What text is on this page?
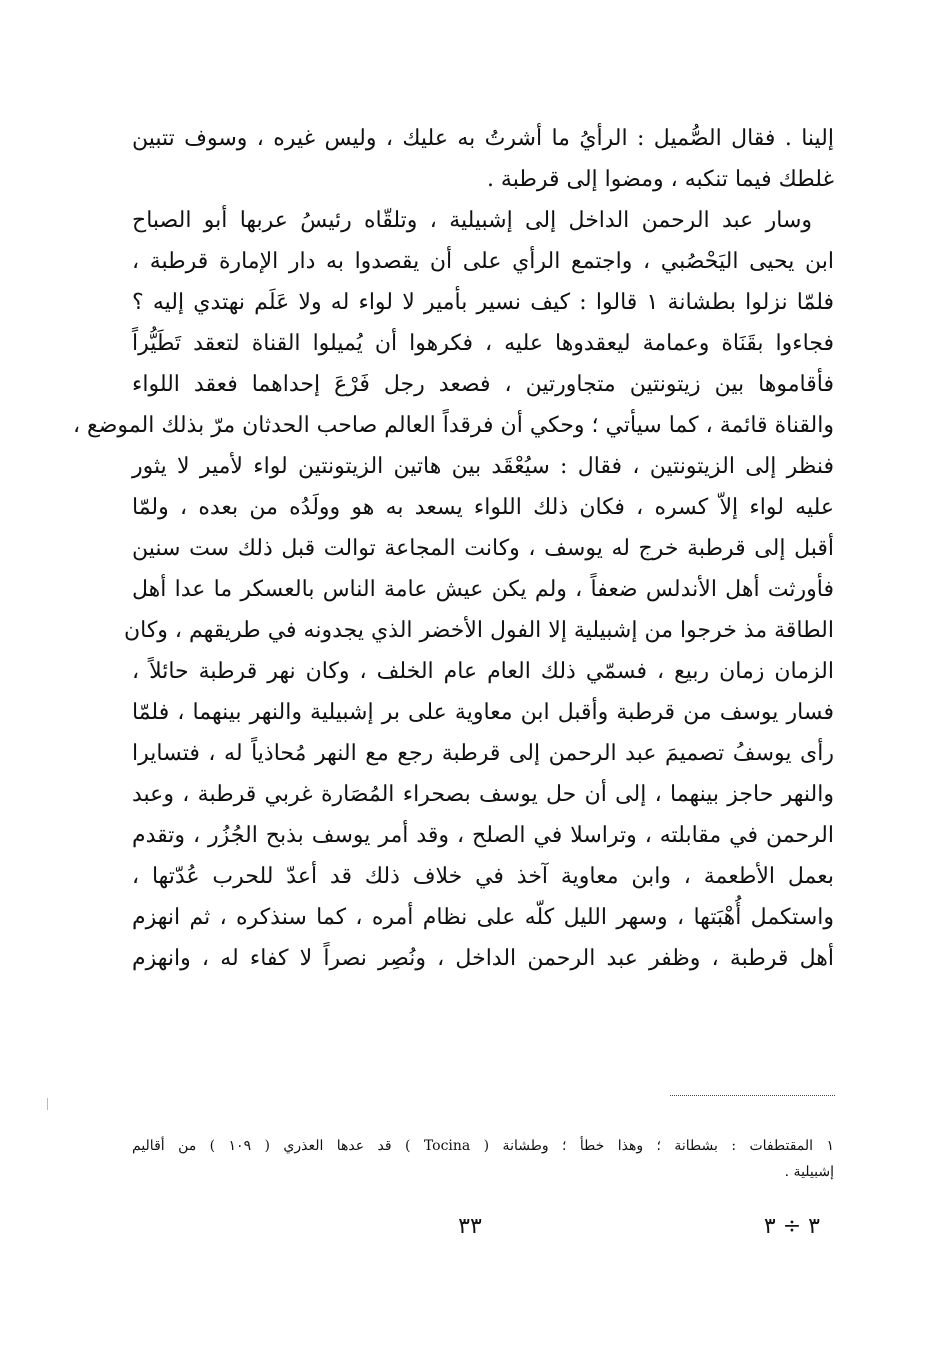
إلينا . فقال الصُّميل : الرأيُ ما أشرتُ به عليك ، وليس غيره ، وسوف تتبين
غلطك فيما تنكبه ، ومضوا إلى قرطبة .
وسار عبد الرحمن الداخل إلى إشبيلية ، وتلقّاه رئيسُ عربها أبو الصباح
ابن يحيى اليَحْصُبي ، واجتمع الرأي على أن يقصدوا به دار الإمارة قرطبة ،
فلمّا نزلوا بطشانة ١ قالوا : كيف نسير بأمير لا لواء له ولا عَلَم نهتدي إليه ؟
فجاءوا بقَنَاة وعمامة ليعقدوها عليه ، فكرهوا أن يُميلوا القناة لتعقد تَطَيُّراً
فأقاموها بين زيتونتين متجاورتين ، فصعد رجل فَرْعَ إحداهما فعقد اللواء
والقناة قائمة ، كما سيأتي ؛ وحكي أن فرقداً العالم صاحب الحدثان مرّ بذلك الموضع ،
فنظر إلى الزيتونتين ، فقال : سيُعْقَد بين هاتين الزيتونتين لواء لأمير لا يثور
عليه لواء إلاّ كسره ، فكان ذلك اللواء يسعد به هو وولَدُه من بعده ، ولمّا
أقبل إلى قرطبة خرج له يوسف ، وكانت المجاعة توالت قبل ذلك ست سنين
فأورثت أهل الأندلس ضعفاً ، ولم يكن عيش عامة الناس بالعسكر ما عدا أهل
الطاقة مذ خرجوا من إشبيلية إلا الفول الأخضر الذي يجدونه في طريقهم ، وكان
الزمان زمان ربيع ، فسمّي ذلك العام عام الخلف ، وكان نهر قرطبة حائلاً ،
فسار يوسف من قرطبة وأقبل ابن معاوية على بر إشبيلية والنهر بينهما ، فلمّا
رأى يوسفُ تصميمَ عبد الرحمن إلى قرطبة رجع مع النهر مُحاذياً له ، فتسايرا
والنهر حاجز بينهما ، إلى أن حل يوسف بصحراء المُصَارة غربي قرطبة ، وعبد
الرحمن في مقابلته ، وتراسلا في الصلح ، وقد أمر يوسف بذبح الجُزُر ، وتقدم
بعمل الأطعمة ، وابن معاوية آخذ في خلاف ذلك قد أعدّ للحرب عُدّتها ،
واستكمل أُهْبَتها ، وسهر الليل كلّه على نظام أمره ، كما سنذكره ، ثم انهزم
أهل قرطبة ، وظفر عبد الرحمن الداخل ، ونُصِر نصراً لا كفاء له ، وانهزم
١ المقتطفات : بشطانة ؛ وهذا خطأ ؛ وطشانة ( Tocina ) قد عدها العذري ( ١٠٩ ) من أقاليم
إشبيلية .
٣٣	٣ ÷ ٣
